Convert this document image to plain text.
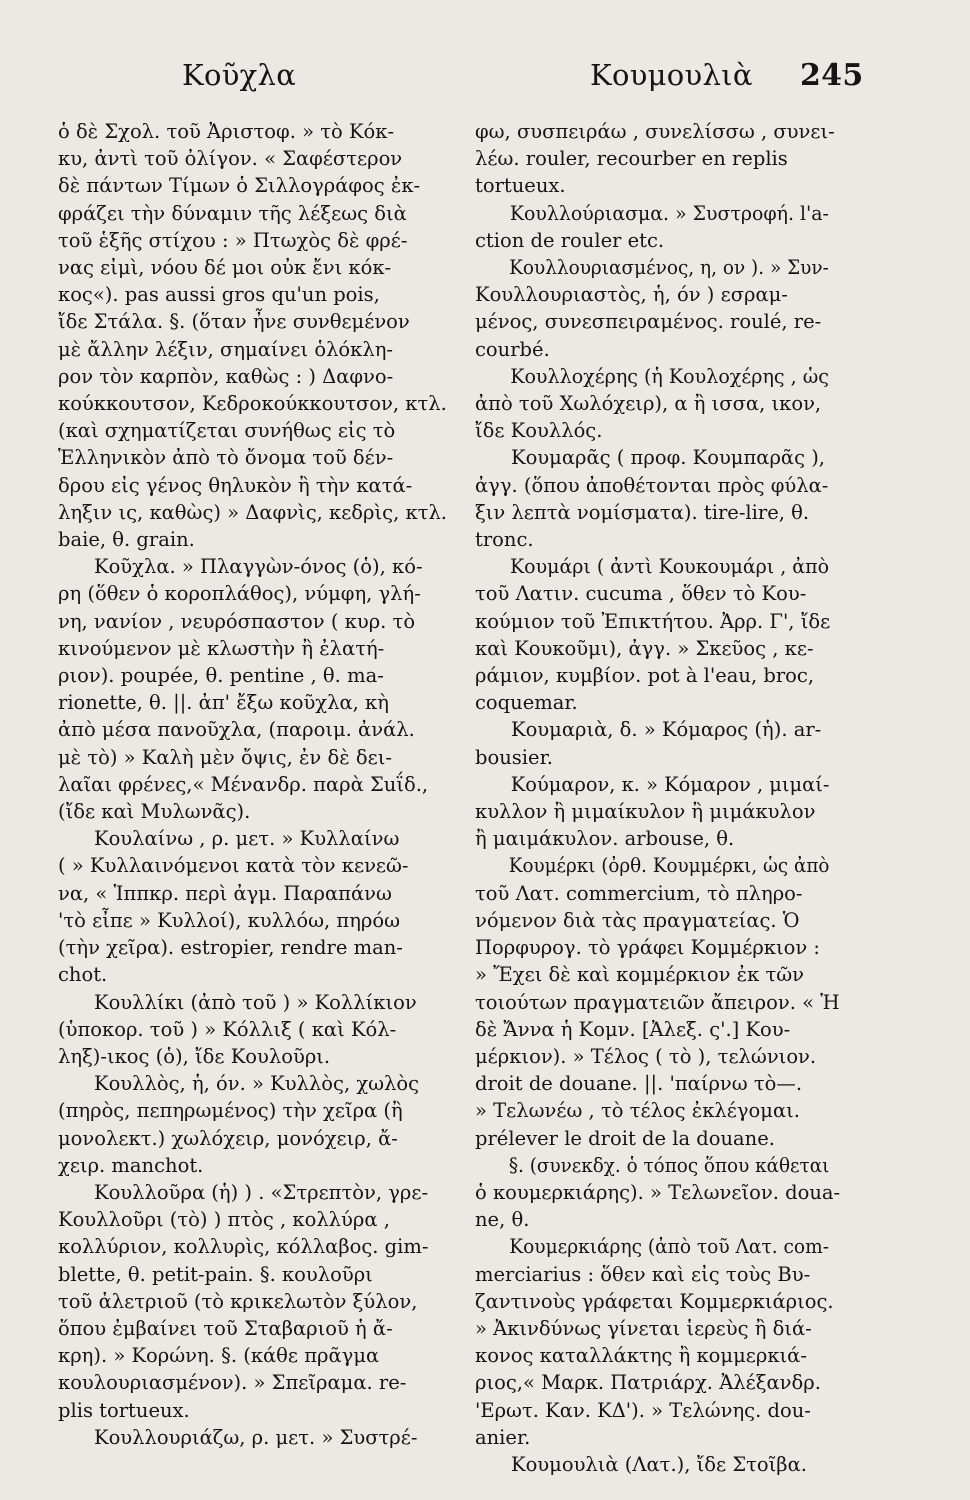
Κοῦχλα	Κουμουλιὰ 245
ὁ δὲ Σχολ. τοῦ Ἀριστοφ. » τὸ Κόκ-
κυ, ἀντὶ τοῦ ὀλίγον. « Σαφέστερον
δὲ πάντων Τίμων ὁ Σιλλογράφος ἐκ-
φράζει τὴν δύναμιν τῆς λέξεως διὰ
τοῦ ἑξῆς στίχου : » Πτωχὸς δὲ φρέ-
νας εἰμὶ, νόου δέ μοι οὐκ ἔνι κόκ-
κος«). pas aussi gros qu'un pois,
ἴδε Στάλα. §. (ὅταν ἦνε συνθεμένον
μὲ ἄλλην λέξιν, σημαίνει ὁλόκλη-
ρον τὸν καρπὸν, καθὼς : ) Δαφνο-
κούκκουτσον, Κεδροκούκκουτσον, κτλ.
(καὶ σχηματίζεται συνήθως εἰς τὸ
Ἑλληνικὸν ἀπὸ τὸ ὄνομα τοῦ δέν-
δρου εἰς γένος θηλυκὸν ἢ τὴν κατά-
ληξιν ις, καθὼς) » Δαφνὶς, κεδρὶς, κτλ.
baie, θ. grain.
Κοῦχλα. » Πλαγγὼν-όνος (ὁ), κό-
ρη (ὅθεν ὁ κοροπλάθος), νύμφη, γλή-
νη, νανίον , νευρόσπαστον ( κυρ. τὸ
κινούμενον μὲ κλωστὴν ἢ ἐλατή-
ριον). poupée, θ. pentine , θ. ma-
rionette, θ. ||. ἀπ' ἔξω κοῦχλα, κὴ
ἀπὸ μέσα πανοῦχλα, (παροιμ. ἀνάλ.
μὲ τὸ) » Καλὴ μὲν ὄψις, ἐν δὲ δει-
λαῖαι φρένες,« Μένανδρ. παρὰ Σuΐδ.,
(ἴδε καὶ Μυλωνᾶς).
Κουλαίνω , ρ. μετ. » Κυλλαίνω
( » Κυλλαινόμενοι κατὰ τὸν κενεῶ-
να, « Ἱππκρ. περὶ ἀγμ. Παραπάνω
'τὸ εἶπε » Κυλλοί), κυλλόω, πηρόω
(τὴν χεῖρα). estropier, rendre man-
chot.
Κουλλίκι (ἀπὸ τοῦ ) » Κολλίκιον
(ὑποκορ. τοῦ ) » Κόλλιξ ( καὶ Κόλ-
ληξ)-ικος (ὁ), ἴδε Κουλοῦρι.
Κουλλὸς, ἡ, όν. » Κυλλὸς, χωλὸς
(πηρὸς, πεπηρωμένος) τὴν χεῖρα (ἢ
μονολεκτ.) χωλόχειρ, μονόχειρ, ἄ-
χειρ. manchot.
Κουλλοῦρα (ἡ) ) . «Στρεπτὸν, γρε-
Κουλλοῦρι (τὸ) ) πτὸς , κολλύρα ,
κολλύριον, κολλυρὶς, κόλλαβος. gim-
blette, θ. petit-pain. §. κουλοῦρι
τοῦ ἀλετριοῦ (τὸ κρικελωτὸν ξύλον,
ὅπου ἐμβαίνει τοῦ Σταβαριοῦ ἡ ἄ-
κρη). » Κορώνη. §. (κάθε πρᾶγμα
κουλουριασμένον). » Σπεῖραμα. re-
plis tortueux.
Κουλλουριάζω, ρ. μετ. » Συστρέ-
φω, συσπειράω , συνελίσσω , συνει-
λέω. rouler, recourber en replis
tortueux.
Κουλλούριασμα. » Συστροφή. l'a-
ction de rouler etc.
Κουλλουριασμένος, η, ον ). » Συν-
Κουλλουριαστὸς, ἡ, όν ) εσραμ-
μένος, συνεσπειραμένος. roulé, re-
courbé.
Κουλλοχέρης (ἡ Κουλοχέρης , ὡς
ἀπὸ τοῦ Χωλόχειρ), α ἢ ισσα, ικον,
ἴδε Κουλλός.
Κουμαρᾶς ( προφ. Κουμπαρᾶς ),
ἀγγ. (ὅπου ἀποθέτονται πρὸς φύλα-
ξιν λεπτὰ νομίσματα). tire-lire, θ.
tronc.
Κουμάρι ( ἀντὶ Κουκουμάρι , ἀπὸ
τοῦ Λατιν. cucuma , ὅθεν τὸ Κου-
κούμιον τοῦ Ἐπικτήτου. Ἀρρ. Γ', ἴδε
καὶ Κουκοῦμι), ἀγγ. » Σκεῦος , κε-
ράμιον, κυμβίον. pot à l'eau, broc,
coquemar.
Κουμαριὰ, δ. » Κόμαρος (ἡ). ar-
bousier.
Κούμαρον, κ. » Κόμαρον , μιμαί-
κυλλον ἢ μιμαίκυλον ἢ μιμάκυλον
ἢ μαιμάκυλον. arbouse, θ.
Κουμέρκι (ὀρθ. Κουμμέρκι, ὡς ἀπὸ
τοῦ Λατ. commercium, τὸ πληρο-
νόμενον διὰ τὰς πραγματείας. Ὁ
Πορφυρογ. τὸ γράφει Κομμέρκιον :
» Ἔχει δὲ καὶ κομμέρκιον ἐκ τῶν
τοιούτων πραγματειῶν ἄπειρον. « Ἡ
δὲ Ἄννα ἡ Κομν. [Ἀλεξ. ς'.] Κου-
μέρκιον). » Τέλος ( τὸ ), τελώνιον.
droit de douane. ||. 'παίρνω τὸ—.
» Τελωνέω , τὸ τέλος ἐκλέγομαι.
prélever le droit de la douane.
§. (συνεκδχ. ὁ τόπος ὅπου κάθεται
ὁ κουμερκιάρης). » Τελωνεῖον. doua-
ne, θ.
Κουμερκιάρης (ἀπὸ τοῦ Λατ. com-
merciarius : ὅθεν καὶ εἰς τοὺς Βυ-
ζαντινοὺς γράφεται Κομμερκιάριος.
» Ἀκινδύνως γίνεται ἱερεὺς ἢ διά-
κονος καταλλάκτης ἢ κομμερκιά-
ριος,« Μαρκ. Πατριάρχ. Ἀλέξανδρ.
'Ερωτ. Καν. ΚΔ'). » Τελώνης. dou-
anier.
Κουμουλιὰ (Λατ.), ἴδε Στοῖβα.
